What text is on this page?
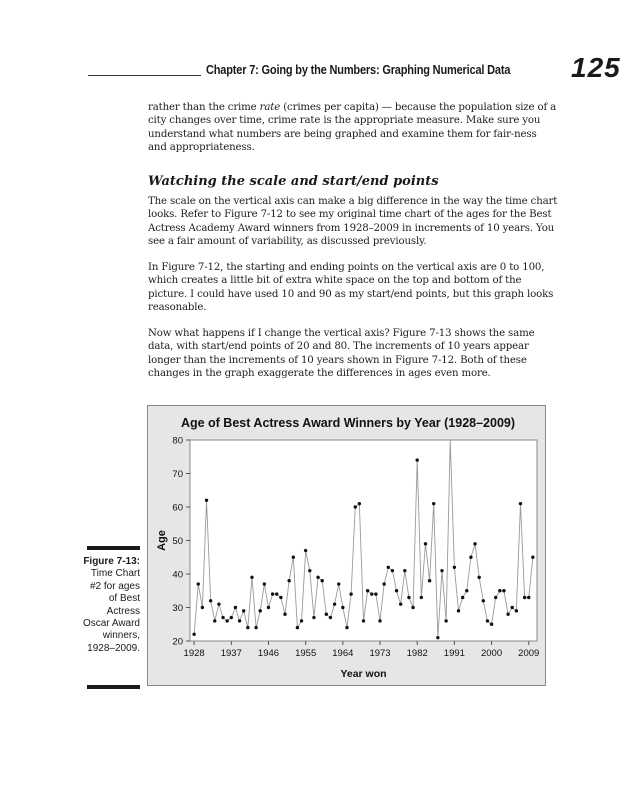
Chapter 7: Going by the Numbers: Graphing Numerical Data 125

rather than the crime rate (crimes per capita) — because the population size of a city changes over time, crime rate is the appropriate measure. Make sure you understand what numbers are being graphed and examine them for fair-ness and appropriateness.

Watching the scale and start/end points

The scale on the vertical axis can make a big difference in the way the time chart looks. Refer to Figure 7-12 to see my original time chart of the ages for the Best Actress Academy Award winners from 1928–2009 in increments of 10 years. You see a fair amount of variability, as discussed previously.

In Figure 7-12, the starting and ending points on the vertical axis are 0 to 100, which creates a little bit of extra white space on the top and bottom of the picture. I could have used 10 and 90 as my start/end points, but this graph looks reasonable.

Now what happens if I change the vertical axis? Figure 7-13 shows the same data, with start/end points of 20 and 80. The increments of 10 years appear longer than the increments of 10 years shown in Figure 7-12. Both of these changes in the graph exaggerate the differences in ages even more.

Figure 7-13:
Time Chart #2 for ages of Best Actress Oscar Award winners, 1928–2009.
Age of Best Actress Award Winners by Year (1928–2009)
20
30
40
50
60
70
80
1928 1937 1946 1955 1964 1973 1982 1991 2000 2009
Age
Year won
